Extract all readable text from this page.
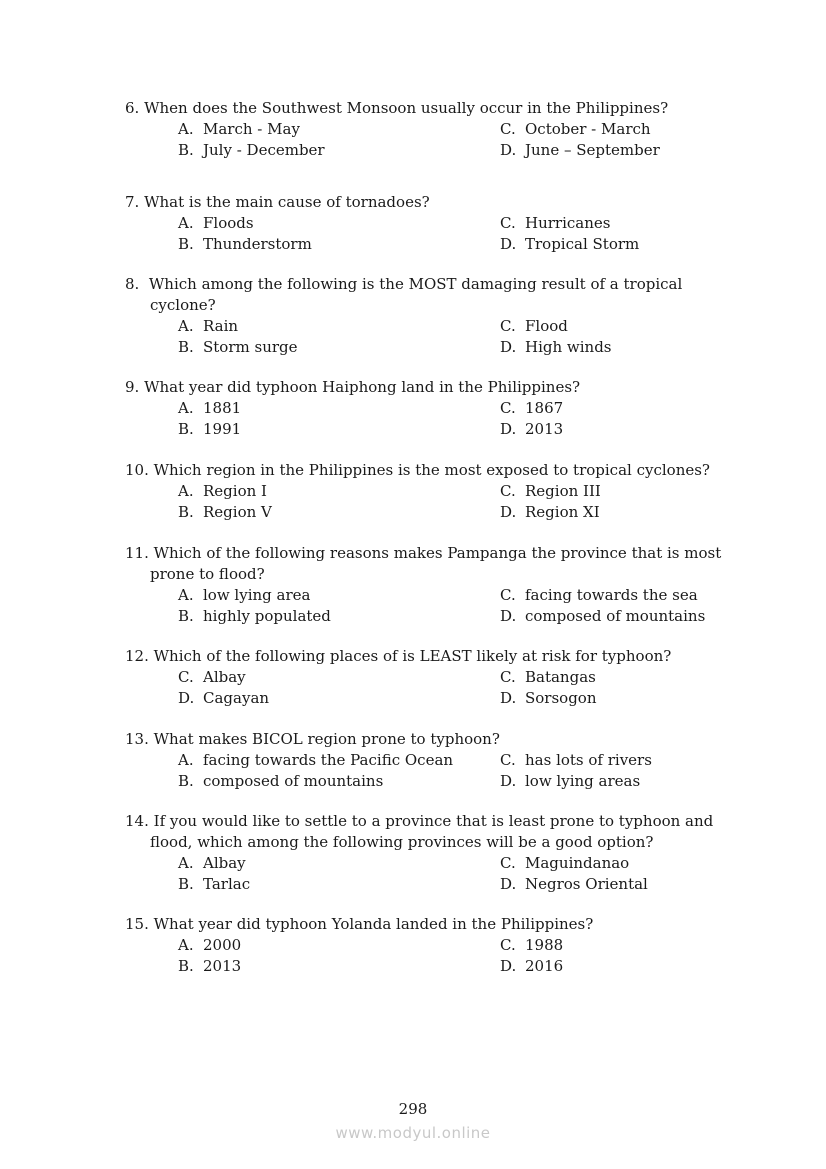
6. When does the Southwest Monsoon usually occur in the Philippines?
A. March - May	C. October - March
B. July - December	D. June – September
7. What is the main cause of tornadoes?
A. Floods	C. Hurricanes
B. Thunderstorm	D. Tropical Storm
8. Which among the following is the MOST damaging result of a tropical
cyclone?
A. Rain	C. Flood
B. Storm surge	D. High winds
9. What year did typhoon Haiphong land in the Philippines?
A. 1881	C. 1867
B. 1991	D. 2013
10. Which region in the Philippines is the most exposed to tropical cyclones?
A. Region I	C. Region III
B. Region V	D. Region XI
11. Which of the following reasons makes Pampanga the province that is most
prone to flood?
A. low lying area	C. facing towards the sea
B. highly populated	D. composed of mountains
12. Which of the following places of is LEAST likely at risk for typhoon?
C. Albay	C. Batangas
D. Cagayan	D. Sorsogon
13. What makes BICOL region prone to typhoon?
A. facing towards the Pacific Ocean	C. has lots of rivers
B. composed of mountains	D. low lying areas
14. If you would like to settle to a province that is least prone to typhoon and
flood, which among the following provinces will be a good option?
A. Albay	C. Maguindanao
B. Tarlac	D. Negros Oriental
15. What year did typhoon Yolanda landed in the Philippines?
A. 2000	C. 1988
B. 2013	D. 2016
298
www.modyul.online
